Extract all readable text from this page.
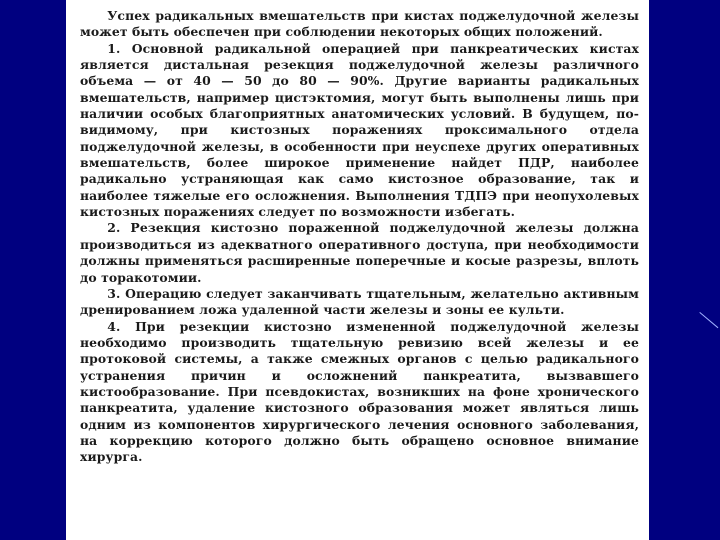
Успех радикальных вмешательств при кистах поджелудочной железы может быть обеспечен при соблюдении некоторых общих положений.

1. Основной радикальной операцией при панкреатических кистах является дистальная резекция поджелудочной железы различного объема — от 40 — 50 до 80 — 90%. Другие варианты радикальных вмешательств, например цистэктомия, могут быть выполнены лишь при наличии особых благоприятных анатомических условий. В будущем, по-видимому, при кистозных поражениях проксимального отдела поджелудочной железы, в особенности при неуспехе других оперативных вмешательств, более широкое применение найдет ПДР, наиболее радикально устраняющая как само кистозное образование, так и наиболее тяжелые его осложнения. Выполнения ТДПЭ при неопухолевых кистозных поражениях следует по возможности избегать.

2. Резекция кистозно пораженной поджелудочной железы должна производиться из адекватного оперативного доступа, при необходимости должны применяться расширенные поперечные и косые разрезы, вплоть до торакотомии.

3. Операцию следует заканчивать тщательным, желательно активным дренированием ложа удаленной части железы и зоны ее культи.

4. При резекции кистозно измененной поджелудочной железы необходимо производить тщательную ревизию всей железы и ее протоковой системы, а также смежных органов с целью радикального устранения причин и осложнений панкреатита, вызвавшего кистообразование. При псевдокистах, возникших на фоне хронического панкреатита, удаление кистозного образования может являться лишь одним из компонентов хирургического лечения основного заболевания, на коррекцию которого должно быть обращено основное внимание хирурга.
